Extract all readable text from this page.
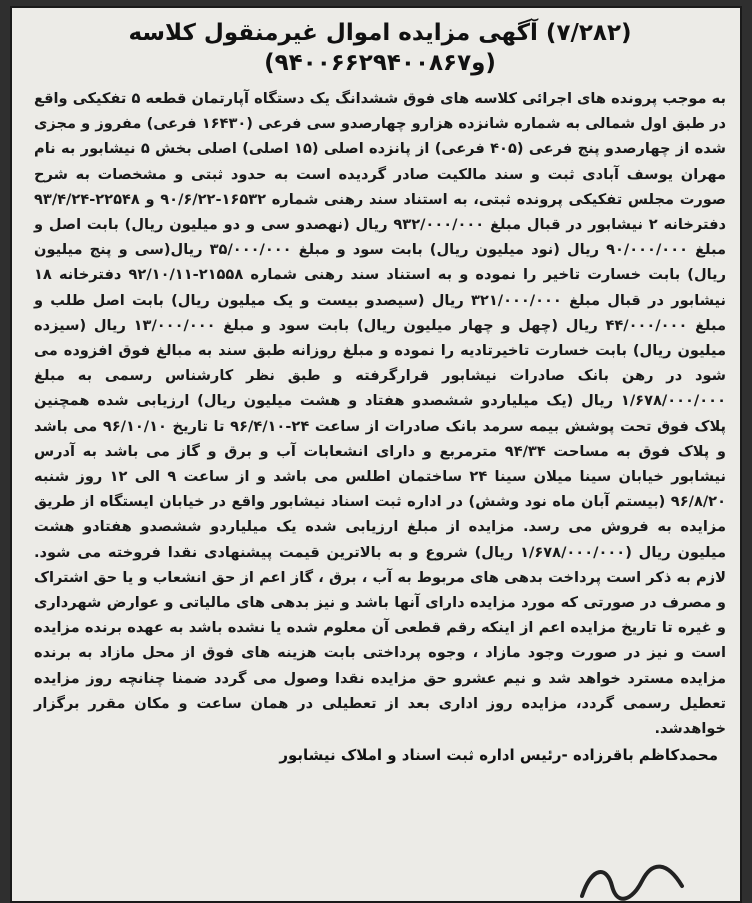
(۷/۲۸۲) آگهی مزایده اموال غیرمنقول کلاسه
(۹۴۰۰۶۶۲و۹۴۰۰۸۶۷)

به موجب پرونده های اجرائی کلاسه های فوق ششدانگ یک دستگاه آپارتمان قطعه ۵ تفکیکی واقع در طبق اول شمالی به شماره شانزده هزارو چهارصدو سی فرعی (۱۶۴۳۰ فرعی) مفروز و مجزی شده از چهارصدو پنج فرعی (۴۰۵ فرعی) از پانزده اصلی (۱۵ اصلی) اصلی بخش ۵ نیشابور به نام مهران یوسف آبادی ثبت و سند مالکیت صادر گردیده است به حدود ثبتی و مشخصات به شرح صورت مجلس تفکیکی پرونده ثبتی، به استناد سند رهنی شماره ۱۶۵۳۲-۹۰/۶/۲۲ و ۲۲۵۴۸-۹۳/۴/۲۴ دفترخانه ۲ نیشابور در قبال مبلغ ۹۳۲/۰۰۰/۰۰۰ ریال (نهصدو سی و دو میلیون ریال) بابت اصل و مبلغ ۹۰/۰۰۰/۰۰۰ ریال (نود میلیون ریال) بابت سود و مبلغ ۳۵/۰۰۰/۰۰۰ ریال(سی و پنج میلیون ریال) بابت خسارت تاخیر را نموده و به استناد سند رهنی شماره ۲۱۵۵۸-۹۲/۱۰/۱۱ دفترخانه ۱۸ نیشابور در قبال مبلغ ۳۲۱/۰۰۰/۰۰۰ ریال (سیصدو بیست و یک میلیون ریال) بابت اصل طلب و مبلغ ۴۴/۰۰۰/۰۰۰ ریال (چهل و چهار میلیون ریال) بابت سود و مبلغ ۱۳/۰۰۰/۰۰۰ ریال (سیزده میلیون ریال) بابت خسارت تاخیرتادیه را نموده و مبلغ روزانه طبق سند به مبالغ فوق افزوده می شود در رهن بانک صادرات نیشابور قرارگرفته و طبق نظر کارشناس رسمی به مبلغ ۱/۶۷۸/۰۰۰/۰۰۰ ریال (یک میلیاردو ششصدو هفتاد و هشت میلیون ریال) ارزیابی شده همچنین پلاک فوق تحت پوشش بیمه سرمد بانک صادرات از ساعت ۲۴-۹۶/۴/۱۰ تا تاریخ ۹۶/۱۰/۱۰ می باشد و پلاک فوق به مساحت ۹۴/۳۴ مترمربع و دارای انشعابات آب و برق و گاز می باشد به آدرس نیشابور خیابان سینا میلان سینا ۲۴ ساختمان اطلس می باشد و از ساعت ۹ الی ۱۲ روز شنبه ۹۶/۸/۲۰ (بیستم آبان ماه نود وشش) در اداره ثبت اسناد نیشابور واقع در خیابان ایستگاه از طریق مزایده به فروش می رسد. مزایده از مبلغ ارزیابی شده یک میلیاردو ششصدو هفتادو هشت میلیون ریال (۱/۶۷۸/۰۰۰/۰۰۰ ریال) شروع و به بالاترین قیمت پیشنهادی نقدا فروخته می شود. لازم به ذکر است پرداخت بدهی های مربوط به آب ، برق ، گاز اعم از حق انشعاب و یا حق اشتراک و مصرف در صورتی که مورد مزایده دارای آنها باشد و نیز بدهی های مالیاتی و عوارض شهرداری و غیره تا تاریخ مزایده اعم از اینکه رقم قطعی آن معلوم شده یا نشده باشد به عهده برنده مزایده است و نیز در صورت وجود مازاد ، وجوه پرداختی بابت هزینه های فوق از محل مازاد به برنده مزایده مسترد خواهد شد و نیم عشرو حق مزایده نقدا وصول می گردد ضمنا چنانچه روز مزایده تعطیل رسمی گردد، مزایده روز اداری بعد از تعطیلی در همان ساعت و مکان مقرر برگزار خواهدشد.

محمدکاظم باقرزاده -رئیس اداره ثبت اسناد و املاک نیشابور
